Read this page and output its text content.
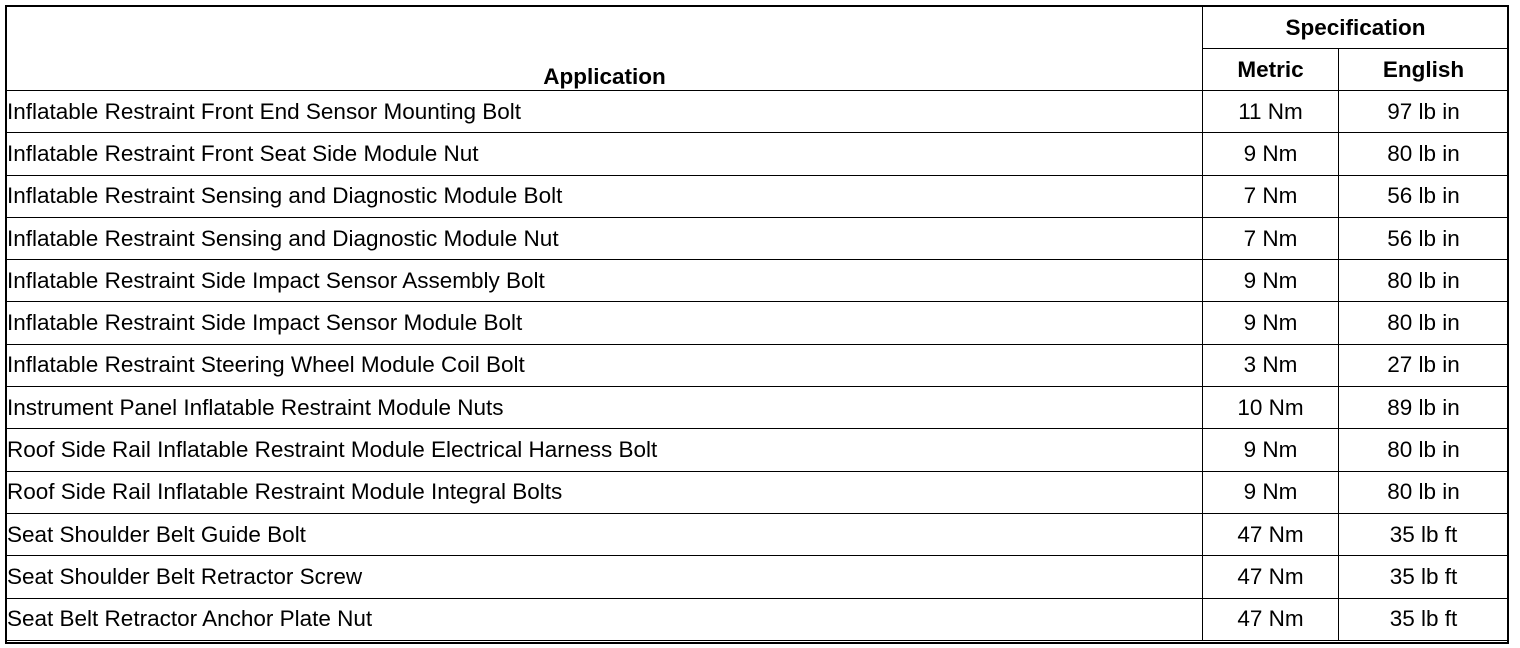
Application	Specification	
	Metric	English
Inflatable Restraint Front End Sensor Mounting Bolt	11 Nm	97 lb in
Inflatable Restraint Front Seat Side Module Nut	9 Nm	80 lb in
Inflatable Restraint Sensing and Diagnostic Module Bolt	7 Nm	56 lb in
Inflatable Restraint Sensing and Diagnostic Module Nut	7 Nm	56 lb in
Inflatable Restraint Side Impact Sensor Assembly Bolt	9 Nm	80 lb in
Inflatable Restraint Side Impact Sensor Module Bolt	9 Nm	80 lb in
Inflatable Restraint Steering Wheel Module Coil Bolt	3 Nm	27 lb in
Instrument Panel Inflatable Restraint Module Nuts	10 Nm	89 lb in
Roof Side Rail Inflatable Restraint Module Electrical Harness Bolt	9 Nm	80 lb in
Roof Side Rail Inflatable Restraint Module Integral Bolts	9 Nm	80 lb in
Seat Shoulder Belt Guide Bolt	47 Nm	35 lb ft
Seat Shoulder Belt Retractor Screw	47 Nm	35 lb ft
Seat Belt Retractor Anchor Plate Nut	47 Nm	35 lb ft
